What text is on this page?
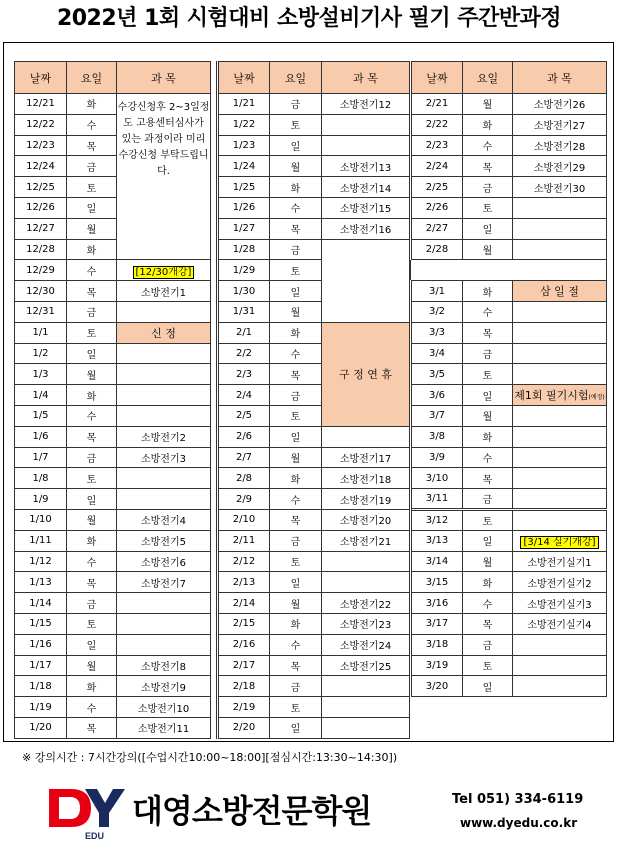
2022년 1회 시험대비 소방설비기사 필기 주간반과정
날짜	요일	과 목
12/21	화	수강신청후 2~3일정도 고용센터심사가 있는 과정이라 미리수강신청 부탁드립니다.
12/22	수	
12/23	목	
12/24	금	
12/25	토	
12/26	일	
12/27	월	
12/28	화	
12/29	수	[12/30개강]
12/30	목	소방전기1
12/31	금	
1/1	토	신 정
1/2	일	
1/3	월	
1/4	화	
1/5	수	
1/6	목	소방전기2
1/7	금	소방전기3
1/8	토	
1/9	일	
1/10	월	소방전기4
1/11	화	소방전기5
1/12	수	소방전기6
1/13	목	소방전기7
1/14	금	
1/15	토	
1/16	일	
1/17	월	소방전기8
1/18	화	소방전기9
1/19	수	소방전기10
1/20	목	소방전기11
날짜	요일	과 목
1/21	금	소방전기12
1/22	토	
1/23	일	
1/24	월	소방전기13
1/25	화	소방전기14
1/26	수	소방전기15
1/27	목	소방전기16
1/28	금	
1/29	토	
1/30	일	
1/31	월	
2/1	화	구 정 연 휴
2/2	수	
2/3	목	
2/4	금	
2/5	토	
2/6	일	
2/7	월	소방전기17
2/8	화	소방전기18
2/9	수	소방전기19
2/10	목	소방전기20
2/11	금	소방전기21
2/12	토	
2/13	일	
2/14	월	소방전기22
2/15	화	소방전기23
2/16	수	소방전기24
2/17	목	소방전기25
2/18	금	
2/19	토	
2/20	일	
날짜	요일	과 목
2/21	월	소방전기26
2/22	화	소방전기27
2/23	수	소방전기28
2/24	목	소방전기29
2/25	금	소방전기30
2/26	토	
2/27	일	
2/28	월	

3/1	화	삼 일 절
3/2	수	
3/3	목	
3/4	금	
3/5	토	
3/6	일	제1회 필기시험(예정)
3/7	월	
3/8	화	
3/9	수	
3/10	목	
3/11	금	
3/12	토	
3/13	일	[3/14 실기개강]
3/14	월	소방전기실기1
3/15	화	소방전기실기2
3/16	수	소방전기실기3
3/17	목	소방전기실기4
3/18	금	
3/19	토	
3/20	일	
※ 강의시간 : 7시간강의([수업시간10:00~18:00][점심시간:13:30~14:30])
EDU
대영소방전문학원	Tel 051) 334-6119
www.dyedu.co.kr
